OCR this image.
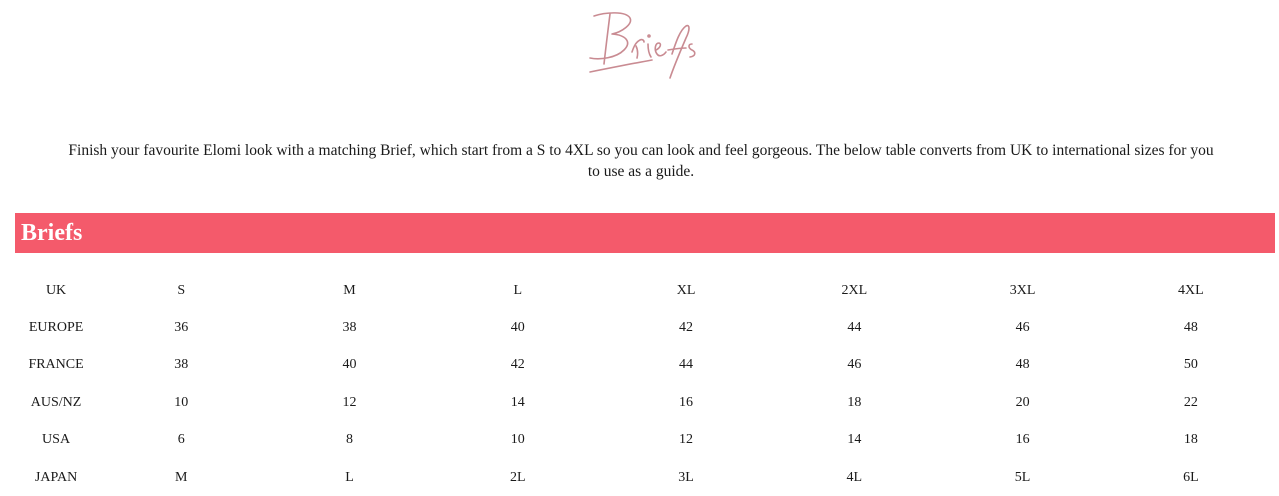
Finish your favourite Elomi look with a matching Brief, which start from a S to 4XL so you can look and feel gorgeous. The below table converts from UK to international sizes for you
to use as a guide.
Briefs
UK	S	M	L	XL	2XL	3XL	4XL
EUROPE	36	38	40	42	44	46	48
FRANCE	38	40	42	44	46	48	50
AUS/NZ	10	12	14	16	18	20	22
USA	6	8	10	12	14	16	18
JAPAN	M	L	2L	3L	4L	5L	6L
